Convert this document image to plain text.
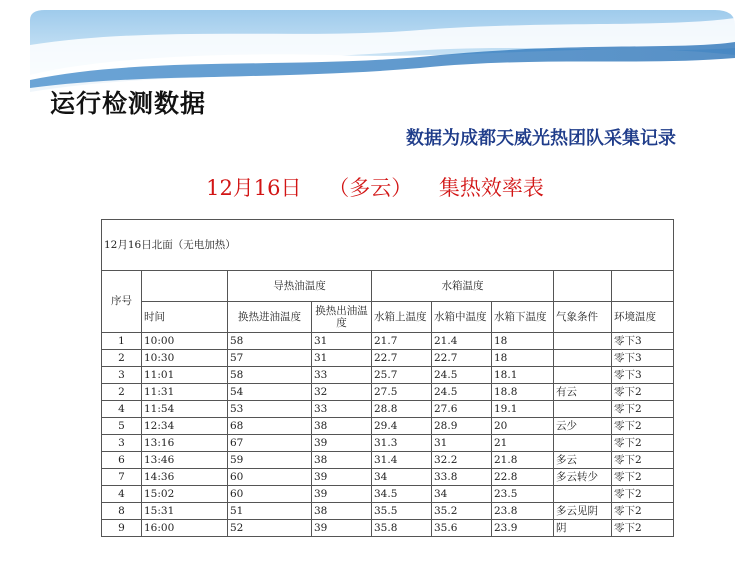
运行检测数据
数据为成都天威光热团队采集记录
12月16日 （多云） 集热效率表
12月16日北面（无电加热）								
序号		导热油温度		水箱温度				
	时间	换热进油温度	换热出油温度	水箱上温度	水箱中温度	水箱下温度	气象条件	环境温度
1	10:00	58	31	21.7	21.4	18		零下3
2	10:30	57	31	22.7	22.7	18		零下3
3	11:01	58	33	25.7	24.5	18.1		零下3
2	11:31	54	32	27.5	24.5	18.8	有云	零下2
4	11:54	53	33	28.8	27.6	19.1		零下2
5	12:34	68	38	29.4	28.9	20	云少	零下2
3	13:16	67	39	31.3	31	21		零下2
6	13:46	59	38	31.4	32.2	21.8	多云	零下2
7	14:36	60	39	34	33.8	22.8	多云转少	零下2
4	15:02	60	39	34.5	34	23.5		零下2
8	15:31	51	38	35.5	35.2	23.8	多云见阴	零下2
9	16:00	52	39	35.8	35.6	23.9	阴	零下2
